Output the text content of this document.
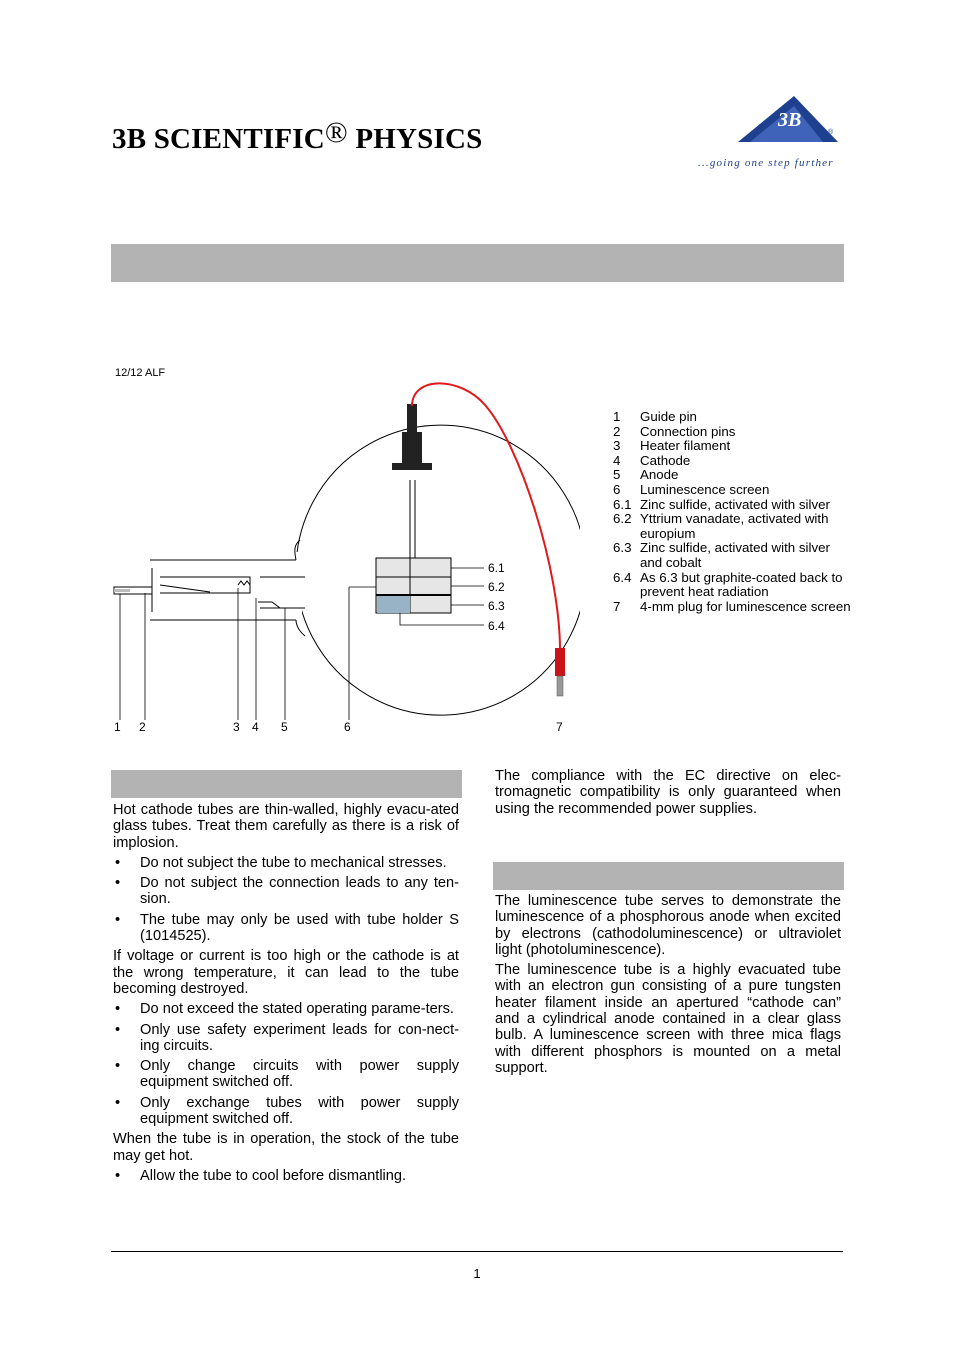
3B SCIENTIFIC® PHYSICS
3B
®
...going one step further
12/12 ALF
6.1
6.2
6.3
6.4
1 2	3 4 5	6	7
1	Guide pin
2	Connection pins
3	Heater filament
4	Cathode
5	Anode
6	Luminescence screen
6.1 Zinc sulfide, activated with silver
6.2 Yttrium vanadate, activated with europium
6.3 Zinc sulfide, activated with silver and cobalt
6.4 As 6.3 but graphite-coated back to prevent heat radiation
7	4-mm plug for luminescence screen

Hot cathode tubes are thin-walled, highly evacu-ated glass tubes. Treat them carefully as there is a risk of implosion.

• Do not subject the tube to mechanical stresses.
• Do not subject the connection leads to any ten- sion.
• The tube may only be used with tube holder S (1014525).

If voltage or current is too high or the cathode is at the wrong temperature, it can lead to the tube becoming destroyed.

• Do not exceed the stated operating parame-ters.
• Only use safety experiment leads for con-nect-ing circuits.
• Only change circuits with power supply equipment switched off.
• Only exchange tubes with power supply equipment switched off.

When the tube is in operation, the stock of the tube may get hot.

• Allow the tube to cool before dismantling.
The compliance with the EC directive on elec-tromagnetic compatibility is only guaranteed when using the recommended power supplies.

The luminescence tube serves to demonstrate the luminescence of a phosphorous anode when excited by electrons (cathodoluminescence) or ultraviolet light (photoluminescence).

The luminescence tube is a highly evacuated tube with an electron gun consisting of a pure tungsten heater filament inside an apertured “cathode can” and a cylindrical anode contained in a clear glass bulb. A luminescence screen with three mica flags with different phosphors is mounted on a metal support.

1
